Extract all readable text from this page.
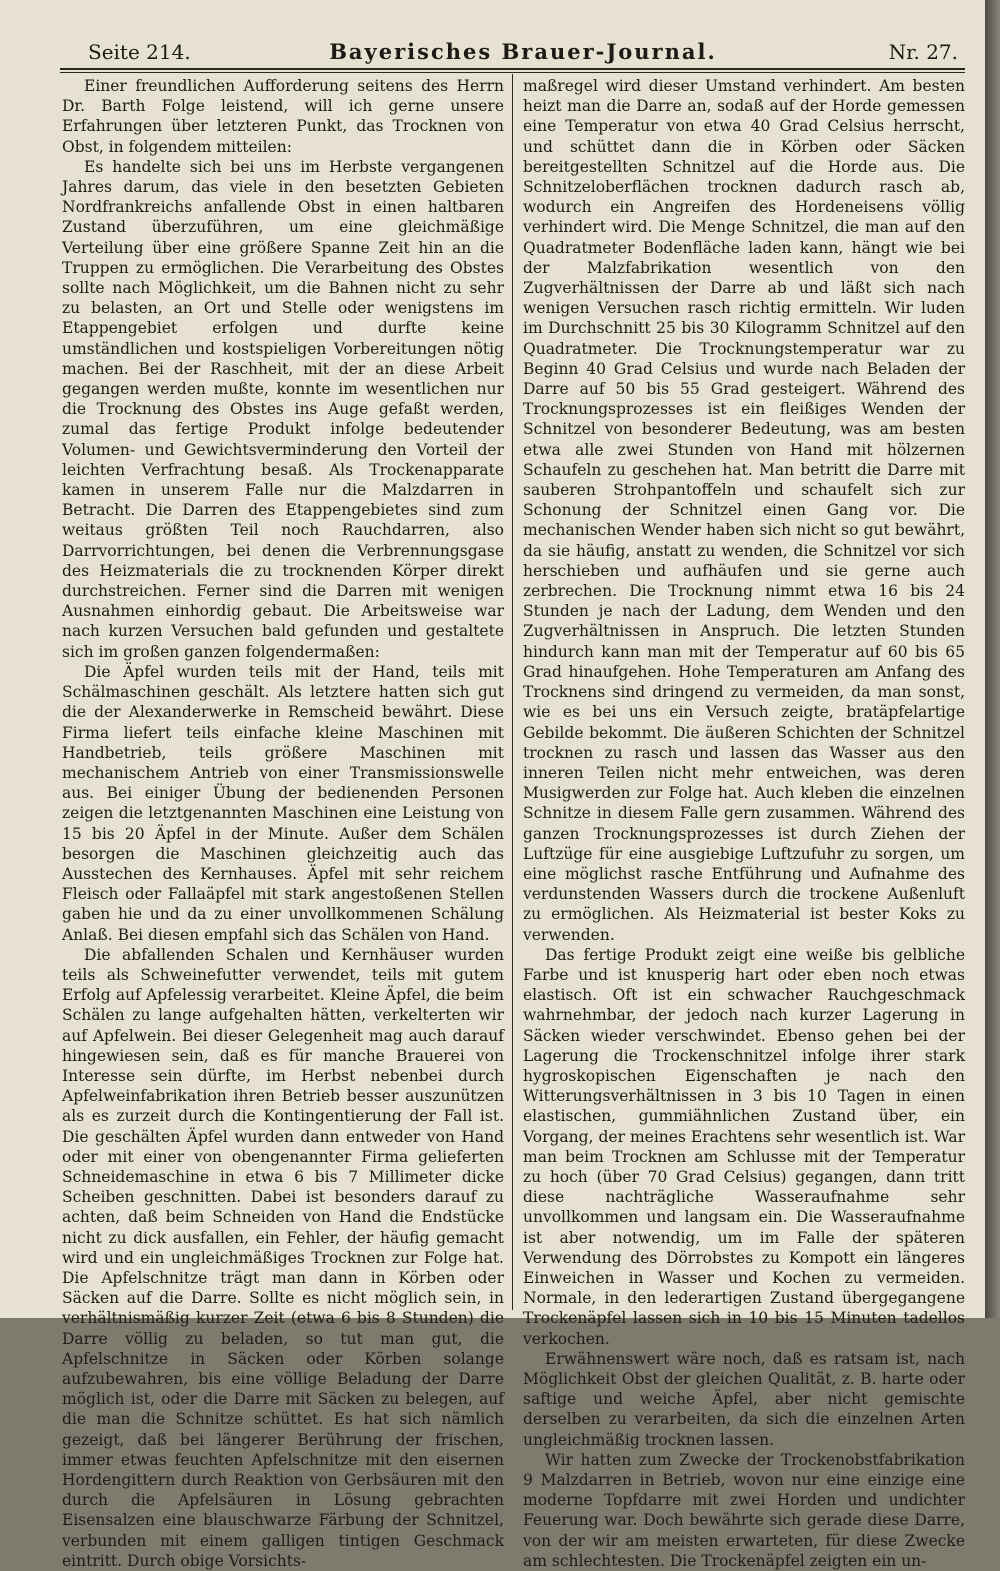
Seite 214.	Bayerisches Brauer-Journal.	Nr. 27.

Einer freundlichen Aufforderung seitens des Herrn Dr. Barth Folge leistend, will ich gerne unsere Erfahrungen über letzteren Punkt, das Trocknen von Obst, in folgendem mitteilen:

Es handelte sich bei uns im Herbste vergangenen Jahres darum, das viele in den besetzten Gebieten Nordfrankreichs anfallende Obst in einen haltbaren Zustand überzuführen, um eine gleichmäßige Verteilung über eine größere Spanne Zeit hin an die Truppen zu ermöglichen. Die Verarbeitung des Obstes sollte nach Möglichkeit, um die Bahnen nicht zu sehr zu belasten, an Ort und Stelle oder wenigstens im Etappengebiet erfolgen und durfte keine umständlichen und kostspieligen Vorbereitungen nötig machen. Bei der Raschheit, mit der an diese Arbeit gegangen werden mußte, konnte im wesentlichen nur die Trocknung des Obstes ins Auge gefaßt werden, zumal das fertige Produkt infolge bedeutender Volumen- und Gewichtsverminderung den Vorteil der leichten Verfrachtung besaß. Als Trockenapparate kamen in unserem Falle nur die Malzdarren in Betracht. Die Darren des Etappengebietes sind zum weitaus größten Teil noch Rauchdarren, also Darrvorrichtungen, bei denen die Verbrennungsgase des Heizmaterials die zu trocknenden Körper direkt durchstreichen. Ferner sind die Darren mit wenigen Ausnahmen einhordig gebaut. Die Arbeitsweise war nach kurzen Versuchen bald gefunden und gestaltete sich im großen ganzen folgendermaßen:

Die Äpfel wurden teils mit der Hand, teils mit Schälmaschinen geschält. Als letztere hatten sich gut die der Alexanderwerke in Remscheid bewährt. Diese Firma liefert teils einfache kleine Maschinen mit Handbetrieb, teils größere Maschinen mit mechanischem Antrieb von einer Transmissionswelle aus. Bei einiger Übung der bedienenden Personen zeigen die letztgenannten Maschinen eine Leistung von 15 bis 20 Äpfel in der Minute. Außer dem Schälen besorgen die Maschinen gleichzeitig auch das Ausstechen des Kernhauses. Äpfel mit sehr reichem Fleisch oder Fallaäpfel mit stark angestoßenen Stellen gaben hie und da zu einer unvollkommenen Schälung Anlaß. Bei diesen empfahl sich das Schälen von Hand.

Die abfallenden Schalen und Kernhäuser wurden teils als Schweinefutter verwendet, teils mit gutem Erfolg auf Apfelessig verarbeitet. Kleine Äpfel, die beim Schälen zu lange aufgehalten hätten, verkelterten wir auf Apfelwein. Bei dieser Gelegenheit mag auch darauf hingewiesen sein, daß es für manche Brauerei von Interesse sein dürfte, im Herbst nebenbei durch Apfelweinfabrikation ihren Betrieb besser auszunützen als es zurzeit durch die Kontingentierung der Fall ist. Die geschälten Äpfel wurden dann entweder von Hand oder mit einer von obengenannter Firma gelieferten Schneidemaschine in etwa 6 bis 7 Millimeter dicke Scheiben geschnitten. Dabei ist besonders darauf zu achten, daß beim Schneiden von Hand die Endstücke nicht zu dick ausfallen, ein Fehler, der häufig gemacht wird und ein ungleichmäßiges Trocknen zur Folge hat. Die Apfelschnitze trägt man dann in Körben oder Säcken auf die Darre. Sollte es nicht möglich sein, in verhältnismäßig kurzer Zeit (etwa 6 bis 8 Stunden) die Darre völlig zu beladen, so tut man gut, die Apfelschnitze in Säcken oder Körben solange aufzubewahren, bis eine völlige Beladung der Darre möglich ist, oder die Darre mit Säcken zu belegen, auf die man die Schnitze schüttet. Es hat sich nämlich gezeigt, daß bei längerer Berührung der frischen, immer etwas feuchten Apfelschnitze mit den eisernen Hordengittern durch Reaktion von Gerbsäuren mit den durch die Apfelsäuren in Lösung gebrachten Eisensalzen eine blauschwarze Färbung der Schnitzel, verbunden mit einem galligen tintigen Geschmack eintritt. Durch obige Vorsichts-

maßregel wird dieser Umstand verhindert. Am besten heizt man die Darre an, sodaß auf der Horde gemessen eine Temperatur von etwa 40 Grad Celsius herrscht, und schüttet dann die in Körben oder Säcken bereitgestellten Schnitzel auf die Horde aus. Die Schnitzeloberflächen trocknen dadurch rasch ab, wodurch ein Angreifen des Hordeneisens völlig verhindert wird. Die Menge Schnitzel, die man auf den Quadratmeter Bodenfläche laden kann, hängt wie bei der Malzfabrikation wesentlich von den Zugverhältnissen der Darre ab und läßt sich nach wenigen Versuchen rasch richtig ermitteln. Wir luden im Durchschnitt 25 bis 30 Kilogramm Schnitzel auf den Quadratmeter. Die Trocknungstemperatur war zu Beginn 40 Grad Celsius und wurde nach Beladen der Darre auf 50 bis 55 Grad gesteigert. Während des Trocknungsprozesses ist ein fleißiges Wenden der Schnitzel von besonderer Bedeutung, was am besten etwa alle zwei Stunden von Hand mit hölzernen Schaufeln zu geschehen hat. Man betritt die Darre mit sauberen Strohpantoffeln und schaufelt sich zur Schonung der Schnitzel einen Gang vor. Die mechanischen Wender haben sich nicht so gut bewährt, da sie häufig, anstatt zu wenden, die Schnitzel vor sich herschieben und aufhäufen und sie gerne auch zerbrechen. Die Trocknung nimmt etwa 16 bis 24 Stunden je nach der Ladung, dem Wenden und den Zugverhältnissen in Anspruch. Die letzten Stunden hindurch kann man mit der Temperatur auf 60 bis 65 Grad hinaufgehen. Hohe Temperaturen am Anfang des Trocknens sind dringend zu vermeiden, da man sonst, wie es bei uns ein Versuch zeigte, bratäpfelartige Gebilde bekommt. Die äußeren Schichten der Schnitzel trocknen zu rasch und lassen das Wasser aus den inneren Teilen nicht mehr entweichen, was deren Musigwerden zur Folge hat. Auch kleben die einzelnen Schnitze in diesem Falle gern zusammen. Während des ganzen Trocknungsprozesses ist durch Ziehen der Luftzüge für eine ausgiebige Luftzufuhr zu sorgen, um eine möglichst rasche Entführung und Aufnahme des verdunstenden Wassers durch die trockene Außenluft zu ermöglichen. Als Heizmaterial ist bester Koks zu verwenden.

Das fertige Produkt zeigt eine weiße bis gelbliche Farbe und ist knusperig hart oder eben noch etwas elastisch. Oft ist ein schwacher Rauchgeschmack wahrnehmbar, der jedoch nach kurzer Lagerung in Säcken wieder verschwindet. Ebenso gehen bei der Lagerung die Trockenschnitzel infolge ihrer stark hygroskopischen Eigenschaften je nach den Witterungsverhältnissen in 3 bis 10 Tagen in einen elastischen, gummiähnlichen Zustand über, ein Vorgang, der meines Erachtens sehr wesentlich ist. War man beim Trocknen am Schlusse mit der Temperatur zu hoch (über 70 Grad Celsius) gegangen, dann tritt diese nachträgliche Wasseraufnahme sehr unvollkommen und langsam ein. Die Wasseraufnahme ist aber notwendig, um im Falle der späteren Verwendung des Dörrobstes zu Kompott ein längeres Einweichen in Wasser und Kochen zu vermeiden. Normale, in den lederartigen Zustand übergegangene Trockenäpfel lassen sich in 10 bis 15 Minuten tadellos verkochen.

Erwähnenswert wäre noch, daß es ratsam ist, nach Möglichkeit Obst der gleichen Qualität, z. B. harte oder saftige und weiche Äpfel, aber nicht gemischte derselben zu verarbeiten, da sich die einzelnen Arten ungleichmäßig trocknen lassen.

Wir hatten zum Zwecke der Trockenobstfabrikation 9 Malzdarren in Betrieb, wovon nur eine einzige eine moderne Topfdarre mit zwei Horden und undichter Feuerung war. Doch bewährte sich gerade diese Darre, von der wir am meisten erwarteten, für diese Zwecke am schlechtesten. Die Trockenäpfel zeigten ein un-
